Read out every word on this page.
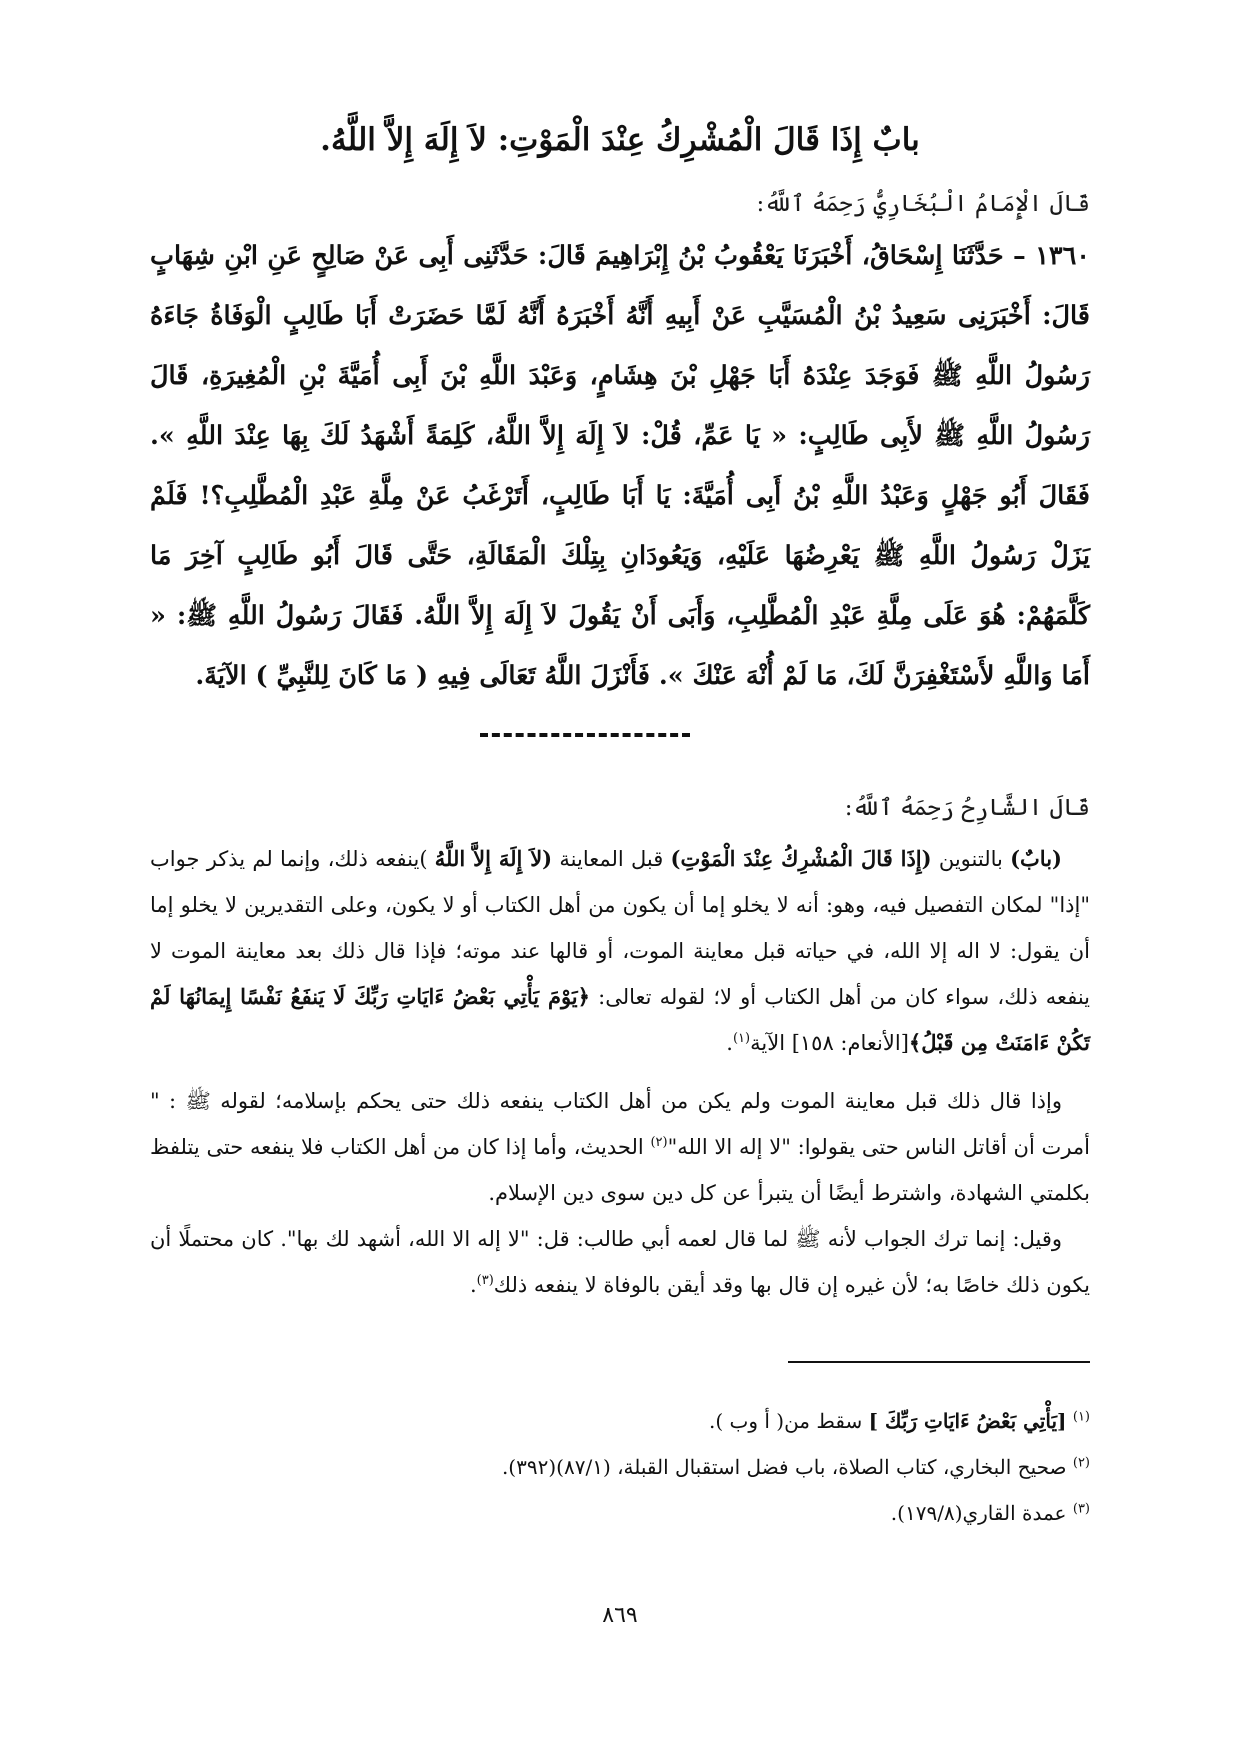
بابٌ إِذَا قَالَ الْمُشْرِكُ عِنْدَ الْمَوْتِ: لاَ إِلَهَ إِلاَّ اللَّهُ.
قَالَ الْإِمَامُ الْبُخَارِيُّ رَحِمَهُ ٱللَّهُ:
١٣٦٠ – حَدَّثَنَا إِسْحَاقُ، أَخْبَرَنَا يَعْقُوبُ بْنُ إِبْرَاهِيمَ قَالَ: حَدَّثَنِى أَبِى عَنْ صَالِحٍ عَنِ ابْنِ شِهَابٍ قَالَ: أَخْبَرَنِى سَعِيدُ بْنُ الْمُسَيَّبِ عَنْ أَبِيهِ أَنَّهُ أَخْبَرَهُ أَنَّهُ لَمَّا حَضَرَتْ أَبَا طَالِبٍ الْوَفَاةُ جَاءَهُ رَسُولُ اللَّهِ ﷺ فَوَجَدَ عِنْدَهُ أَبَا جَهْلِ بْنَ هِشَامٍ، وَعَبْدَ اللَّهِ بْنَ أَبِى أُمَيَّةَ بْنِ الْمُغِيرَةِ، قَالَ رَسُولُ اللَّهِ ﷺ لأَبِى طَالِبٍ: « يَا عَمِّ، قُلْ: لاَ إِلَهَ إِلاَّ اللَّهُ، كَلِمَةً أَشْهَدُ لَكَ بِهَا عِنْدَ اللَّهِ ». فَقَالَ أَبُو جَهْلٍ وَعَبْدُ اللَّهِ بْنُ أَبِى أُمَيَّةَ: يَا أَبَا طَالِبٍ، أَتَرْغَبُ عَنْ مِلَّةِ عَبْدِ الْمُطَّلِبِ؟! فَلَمْ يَزَلْ رَسُولُ اللَّهِ ﷺ يَعْرِضُهَا عَلَيْهِ، وَيَعُودَانِ بِتِلْكَ الْمَقَالَةِ، حَتَّى قَالَ أَبُو طَالِبٍ آخِرَ مَا كَلَّمَهُمْ: هُوَ عَلَى مِلَّةِ عَبْدِ الْمُطَّلِبِ، وَأَبَى أَنْ يَقُولَ لاَ إِلَهَ إِلاَّ اللَّهُ. فَقَالَ رَسُولُ اللَّهِ ﷺ: « أَمَا وَاللَّهِ لأَسْتَغْفِرَنَّ لَكَ، مَا لَمْ أُنْهَ عَنْكَ ». فَأَنْزَلَ اللَّهُ تَعَالَى فِيهِ ( مَا كَانَ لِلنَّبِيِّ ) الآيَةَ.
قَالَ الشَّارِحُ رَحِمَهُ ٱللَّهُ:

(بابٌ) بالتنوين (إِذَا قَالَ الْمُشْرِكُ عِنْدَ الْمَوْتِ) قبل المعاينة (لاَ إِلَهَ إِلاَّ اللَّهُ )ينفعه ذلك، وإنما لم يذكر جواب "إذا" لمكان التفصيل فيه، وهو: أنه لا يخلو إما أن يكون من أهل الكتاب أو لا يكون، وعلى التقديرين لا يخلو إما أن يقول: لا اله إلا الله، في حياته قبل معاينة الموت، أو قالها عند موته؛ فإذا قال ذلك بعد معاينة الموت لا ينفعه ذلك، سواء كان من أهل الكتاب أو لا؛ لقوله تعالى: ﴿يَوْمَ يَأْتِي بَعْضُ ءَايَاتِ رَبِّكَ لَا يَنفَعُ نَفْسًا إِيمَانُهَا لَمْ تَكُنْ ءَامَنَتْ مِن قَبْلُ﴾[الأنعام: ١٥٨] الآية$^{(١)}$.

وإذا قال ذلك قبل معاينة الموت ولم يكن من أهل الكتاب ينفعه ذلك حتى يحكم بإسلامه؛ لقوله ﷺ : " أمرت أن أقاتل الناس حتى يقولوا: "لا إله الا الله"$^{(٢)}$ الحديث، وأما إذا كان من أهل الكتاب فلا ينفعه حتى يتلفظ بكلمتي الشهادة، واشترط أيضًا أن يتبرأ عن كل دين سوى دين الإسلام.

وقيل: إنما ترك الجواب لأنه ﷺ لما قال لعمه أبي طالب: قل: "لا إله الا الله، أشهد لك بها". كان محتملًا أن يكون ذلك خاصًا به؛ لأن غيره إن قال بها وقد أيقن بالوفاة لا ينفعه ذلك$^{(٣)}$.

$^{(١)}$ [يَأْتِي بَعْضُ ءَايَاتِ رَبِّكَ ] سقط من( أ وب ).
$^{(٢)}$ صحيح البخاري، كتاب الصلاة، باب فضل استقبال القبلة، (٨٧/١)(٣٩٢).
$^{(٣)}$ عمدة القاري(١٧٩/٨).
٨٦٩
